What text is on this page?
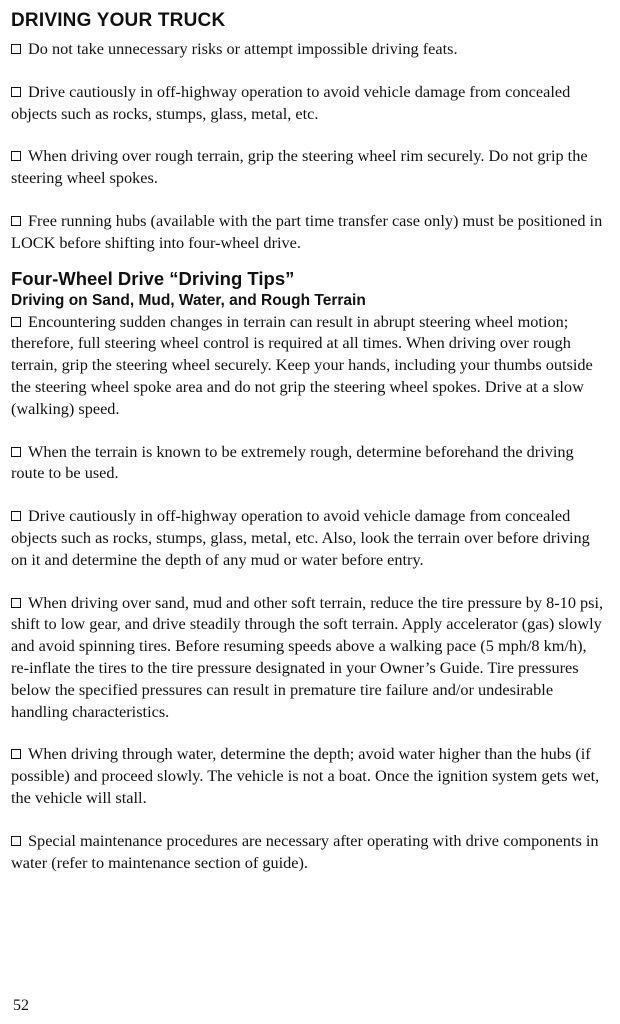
DRIVING YOUR TRUCK

Do not take unnecessary risks or attempt impossible driving feats.

Drive cautiously in off-highway operation to avoid vehicle damage from concealed objects such as rocks, stumps, glass, metal, etc.

When driving over rough terrain, grip the steering wheel rim securely. Do not grip the steering wheel spokes.

Free running hubs (available with the part time transfer case only) must be positioned in LOCK before shifting into four-wheel drive.

Four-Wheel Drive “Driving Tips”
Driving on Sand, Mud, Water, and Rough Terrain

Encountering sudden changes in terrain can result in abrupt steering wheel motion; therefore, full steering wheel control is required at all times. When driving over rough terrain, grip the steering wheel securely. Keep your hands, including your thumbs outside the steering wheel spoke area and do not grip the steering wheel spokes. Drive at a slow (walking) speed.

When the terrain is known to be extremely rough, determine beforehand the driving route to be used.

Drive cautiously in off-highway operation to avoid vehicle damage from concealed objects such as rocks, stumps, glass, metal, etc. Also, look the terrain over before driving on it and determine the depth of any mud or water before entry.

When driving over sand, mud and other soft terrain, reduce the tire pressure by 8-10 psi, shift to low gear, and drive steadily through the soft terrain. Apply accelerator (gas) slowly and avoid spinning tires. Before resuming speeds above a walking pace (5 mph/8 km/h), re-inflate the tires to the tire pressure designated in your Owner’s Guide. Tire pressures below the specified pressures can result in premature tire failure and/or undesirable handling characteristics.

When driving through water, determine the depth; avoid water higher than the hubs (if possible) and proceed slowly. The vehicle is not a boat. Once the ignition system gets wet, the vehicle will stall.

Special maintenance procedures are necessary after operating with drive components in water (refer to maintenance section of guide).

52
